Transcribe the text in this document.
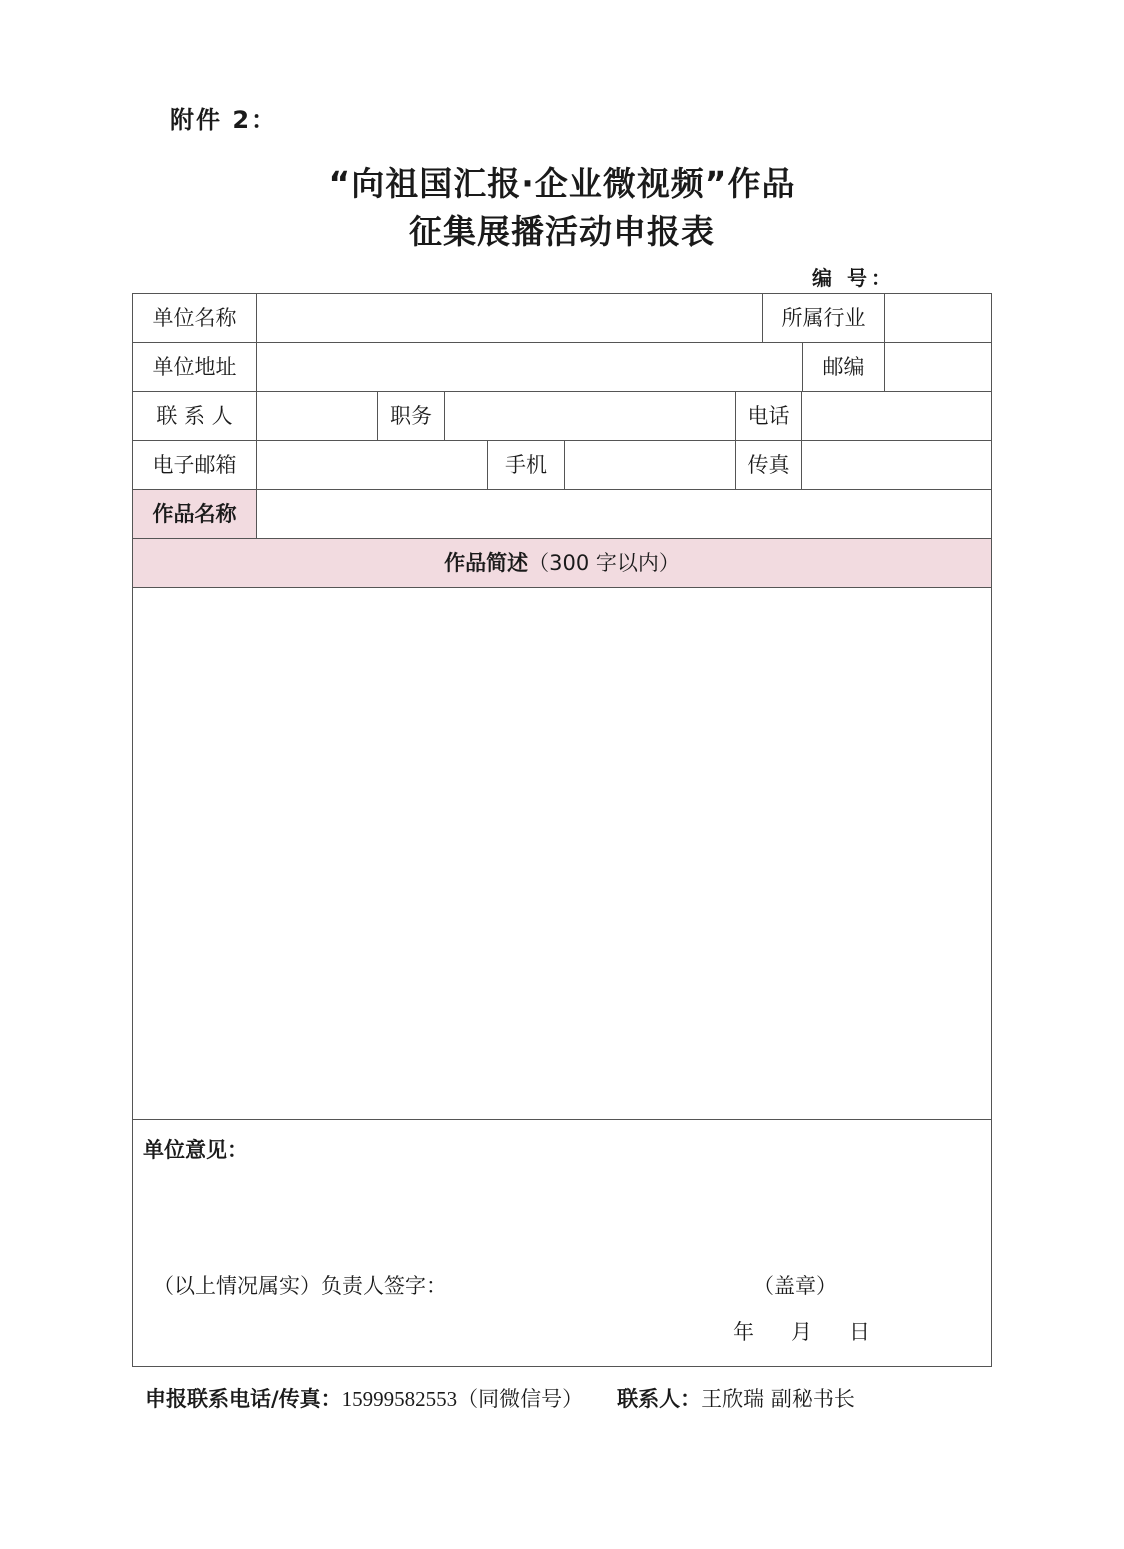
附件 2：
“向祖国汇报·企业微视频”作品
征集展播活动申报表
编 号：
单位名称	所属行业
单位地址	邮编
联 系 人	职务	电话
电子邮箱	手机	传真
作品名称
作品简述（300 字以内）
单位意见：
（以上情况属实）负责人签字：	（盖章）
年 月 日
申报联系电话/传真：15999582553（同微信号） 联系人：王欣瑞 副秘书长
